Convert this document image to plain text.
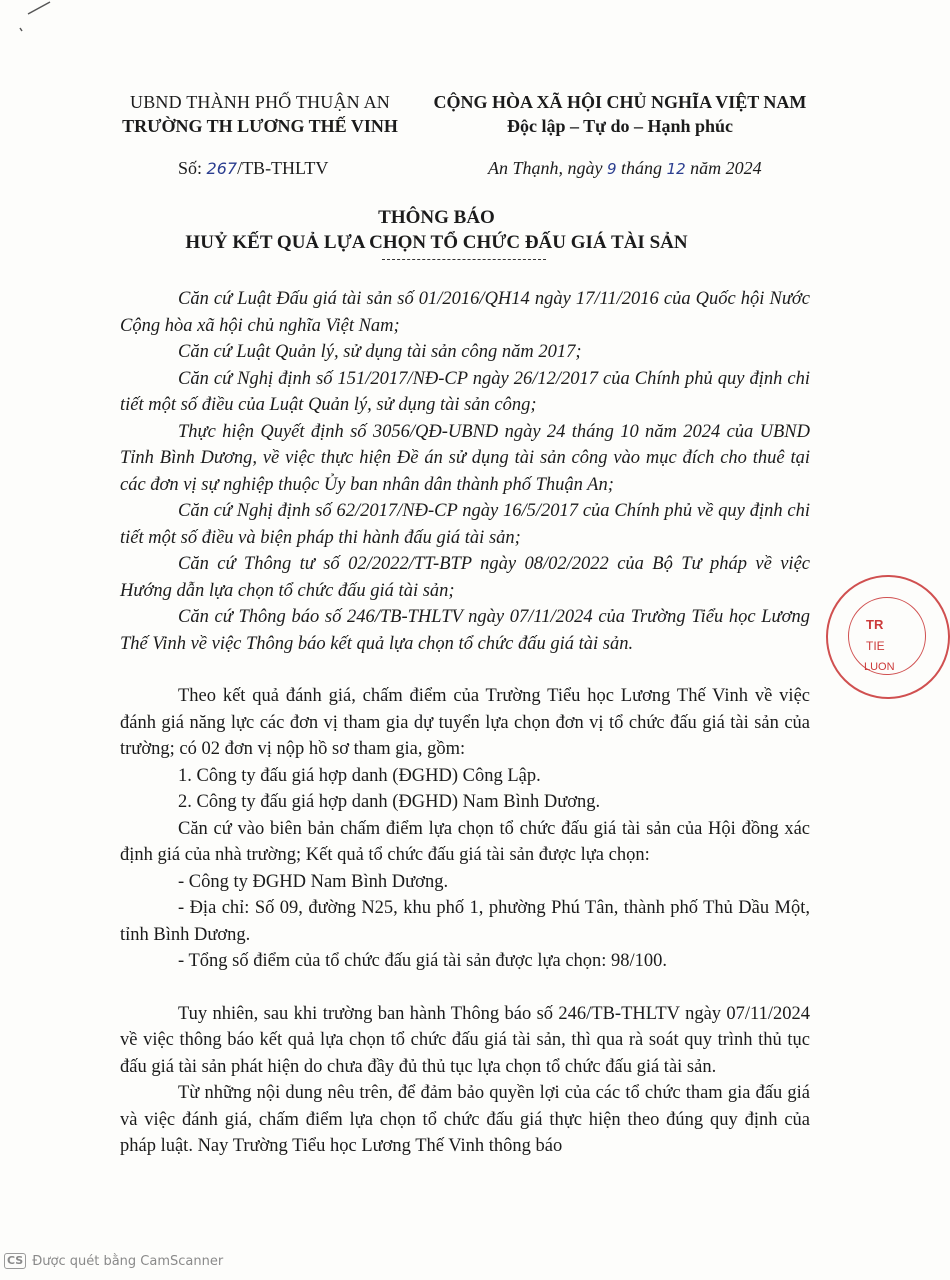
UBND THÀNH PHỐ THUẬN AN
TRƯỜNG TH LƯƠNG THẾ VINH
CỘNG HÒA XÃ HỘI CHỦ NGHĨA VIỆT NAM
Độc lập – Tự do – Hạnh phúc
Số: 267/TB-THLTV	An Thạnh, ngày 9 tháng 12 năm 2024
THÔNG BÁO
HUỶ KẾT QUẢ LỰA CHỌN TỔ CHỨC ĐẤU GIÁ TÀI SẢN

Căn cứ Luật Đấu giá tài sản số 01/2016/QH14 ngày 17/11/2016 của Quốc hội Nước Cộng hòa xã hội chủ nghĩa Việt Nam;

Căn cứ Luật Quản lý, sử dụng tài sản công năm 2017;

Căn cứ Nghị định số 151/2017/NĐ-CP ngày 26/12/2017 của Chính phủ quy định chi tiết một số điều của Luật Quản lý, sử dụng tài sản công;

Thực hiện Quyết định số 3056/QĐ-UBND ngày 24 tháng 10 năm 2024 của UBND Tỉnh Bình Dương, về việc thực hiện Đề án sử dụng tài sản công vào mục đích cho thuê tại các đơn vị sự nghiệp thuộc Ủy ban nhân dân thành phố Thuận An;

Căn cứ Nghị định số 62/2017/NĐ-CP ngày 16/5/2017 của Chính phủ về quy định chi tiết một số điều và biện pháp thi hành đấu giá tài sản;

Căn cứ Thông tư số 02/2022/TT-BTP ngày 08/02/2022 của Bộ Tư pháp về việc Hướng dẫn lựa chọn tổ chức đấu giá tài sản;

Căn cứ Thông báo số 246/TB-THLTV ngày 07/11/2024 của Trường Tiểu học Lương Thế Vinh về việc Thông báo kết quả lựa chọn tổ chức đấu giá tài sản.

Theo kết quả đánh giá, chấm điểm của Trường Tiểu học Lương Thế Vinh về việc đánh giá năng lực các đơn vị tham gia dự tuyển lựa chọn đơn vị tổ chức đấu giá tài sản của trường; có 02 đơn vị nộp hồ sơ tham gia, gồm:

1. Công ty đấu giá hợp danh (ĐGHD) Công Lập.

2. Công ty đấu giá hợp danh (ĐGHD) Nam Bình Dương.

Căn cứ vào biên bản chấm điểm lựa chọn tổ chức đấu giá tài sản của Hội đồng xác định giá của nhà trường; Kết quả tổ chức đấu giá tài sản được lựa chọn:

- Công ty ĐGHD Nam Bình Dương.

- Địa chỉ: Số 09, đường N25, khu phố 1, phường Phú Tân, thành phố Thủ Dầu Một, tỉnh Bình Dương.

- Tổng số điểm của tổ chức đấu giá tài sản được lựa chọn: 98/100.

Tuy nhiên, sau khi trường ban hành Thông báo số 246/TB-THLTV ngày 07/11/2024 về việc thông báo kết quả lựa chọn tổ chức đấu giá tài sản, thì qua rà soát quy trình thủ tục đấu giá tài sản phát hiện do chưa đầy đủ thủ tục lựa chọn tổ chức đấu giá tài sản.

Từ những nội dung nêu trên, để đảm bảo quyền lợi của các tổ chức tham gia đấu giá và việc đánh giá, chấm điểm lựa chọn tổ chức đấu giá thực hiện theo đúng quy định của pháp luật. Nay Trường Tiểu học Lương Thế Vinh thông báo

TR
TIE
LUON
CS Được quét bằng CamScanner
